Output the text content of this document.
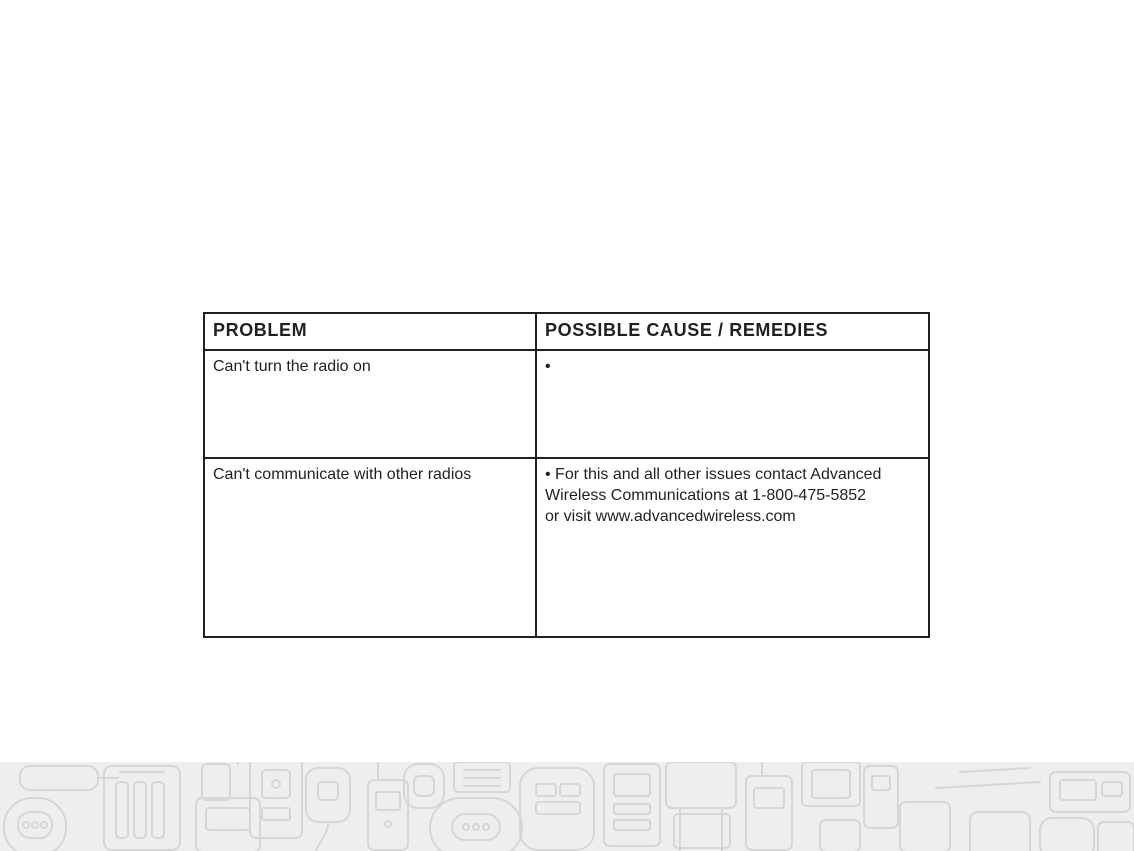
PROBLEM	POSSIBLE CAUSE / REMEDIES
Can't turn the radio on	•

Can't communicate with other radios	• For this and all other issues contact Advanced
Wireless Communications at 1-800-475-5852
or visit www.advancedwireless.com
